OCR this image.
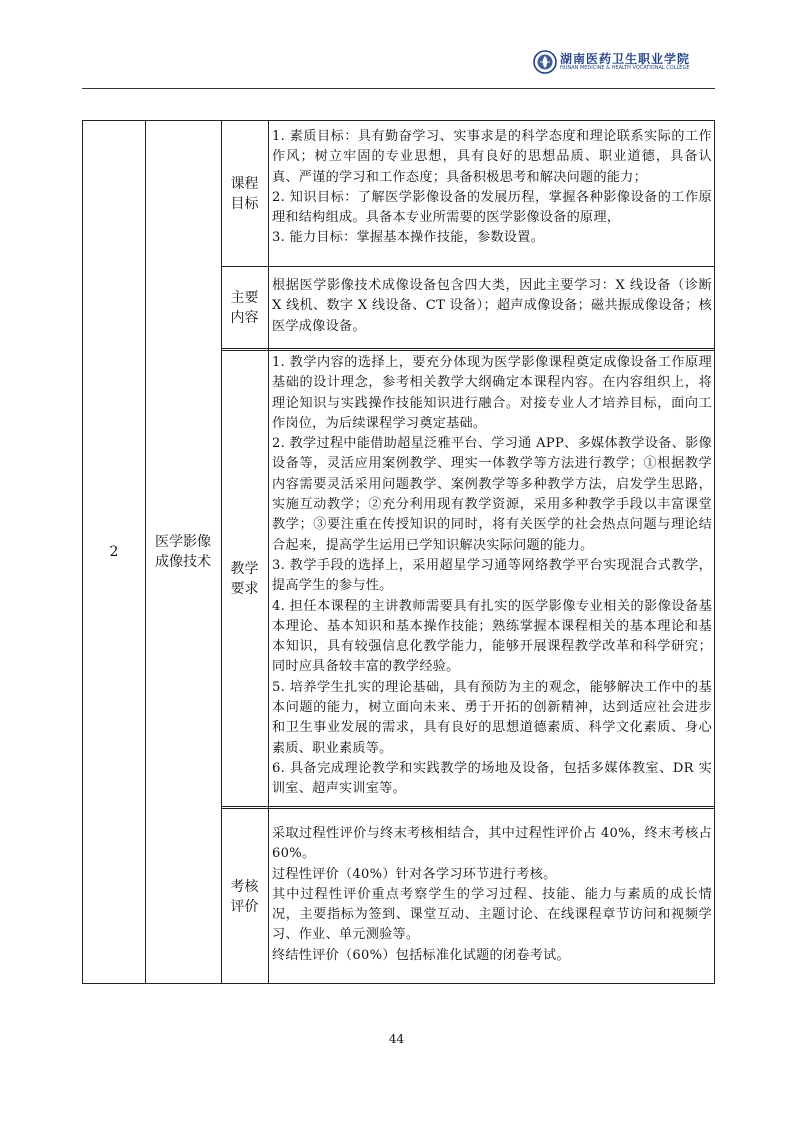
湖南医药卫生职业学院
HUNAN MEDICINE & HEALTH VOCATIONAL COLLEGE
2
医学影像成像技术
课程目标

1. 素质目标：具有勤奋学习、实事求是的科学态度和理论联系实际的工作作风；树立牢固的专业思想，具有良好的思想品质、职业道德，具备认真、严谨的学习和工作态度；具备积极思考和解决问题的能力；

2. 知识目标：了解医学影像设备的发展历程，掌握各种影像设备的工作原理和结构组成。具备本专业所需要的医学影像设备的原理，

3. 能力目标：掌握基本操作技能，参数设置。

主要内容

根据医学影像技术成像设备包含四大类，因此主要学习：X 线设备（诊断 X 线机、数字 X 线设备、CT 设备）；超声成像设备；磁共振成像设备；核医学成像设备。

教学要求

1. 教学内容的选择上，要充分体现为医学影像课程奠定成像设备工作原理基础的设计理念，参考相关教学大纲确定本课程内容。在内容组织上，将理论知识与实践操作技能知识进行融合。对接专业人才培养目标，面向工作岗位，为后续课程学习奠定基础。

2. 教学过程中能借助超星泛雅平台、学习通 APP、多媒体教学设备、影像设备等，灵活应用案例教学、理实一体教学等方法进行教学；①根据教学内容需要灵活采用问题教学、案例教学等多种教学方法，启发学生思路，实施互动教学；②充分利用现有教学资源，采用多种教学手段以丰富课堂教学；③要注重在传授知识的同时，将有关医学的社会热点问题与理论结合起来，提高学生运用已学知识解决实际问题的能力。

3. 教学手段的选择上，采用超星学习通等网络教学平台实现混合式教学，提高学生的参与性。

4. 担任本课程的主讲教师需要具有扎实的医学影像专业相关的影像设备基本理论、基本知识和基本操作技能；熟练掌握本课程相关的基本理论和基本知识，具有较强信息化教学能力，能够开展课程教学改革和科学研究；同时应具备较丰富的教学经验。

5. 培养学生扎实的理论基础，具有预防为主的观念，能够解决工作中的基本问题的能力，树立面向未来、勇于开拓的创新精神，达到适应社会进步和卫生事业发展的需求，具有良好的思想道德素质、科学文化素质、身心素质、职业素质等。

6. 具备完成理论教学和实践教学的场地及设备，包括多媒体教室、DR 实训室、超声实训室等。

考核评价

采取过程性评价与终末考核相结合，其中过程性评价占 40%，终末考核占 60%。

过程性评价（40%）针对各学习环节进行考核。

其中过程性评价重点考察学生的学习过程、技能、能力与素质的成长情况，主要指标为签到、课堂互动、主题讨论、在线课程章节访问和视频学习、作业、单元测验等。

终结性评价（60%）包括标准化试题的闭卷考试。

44
